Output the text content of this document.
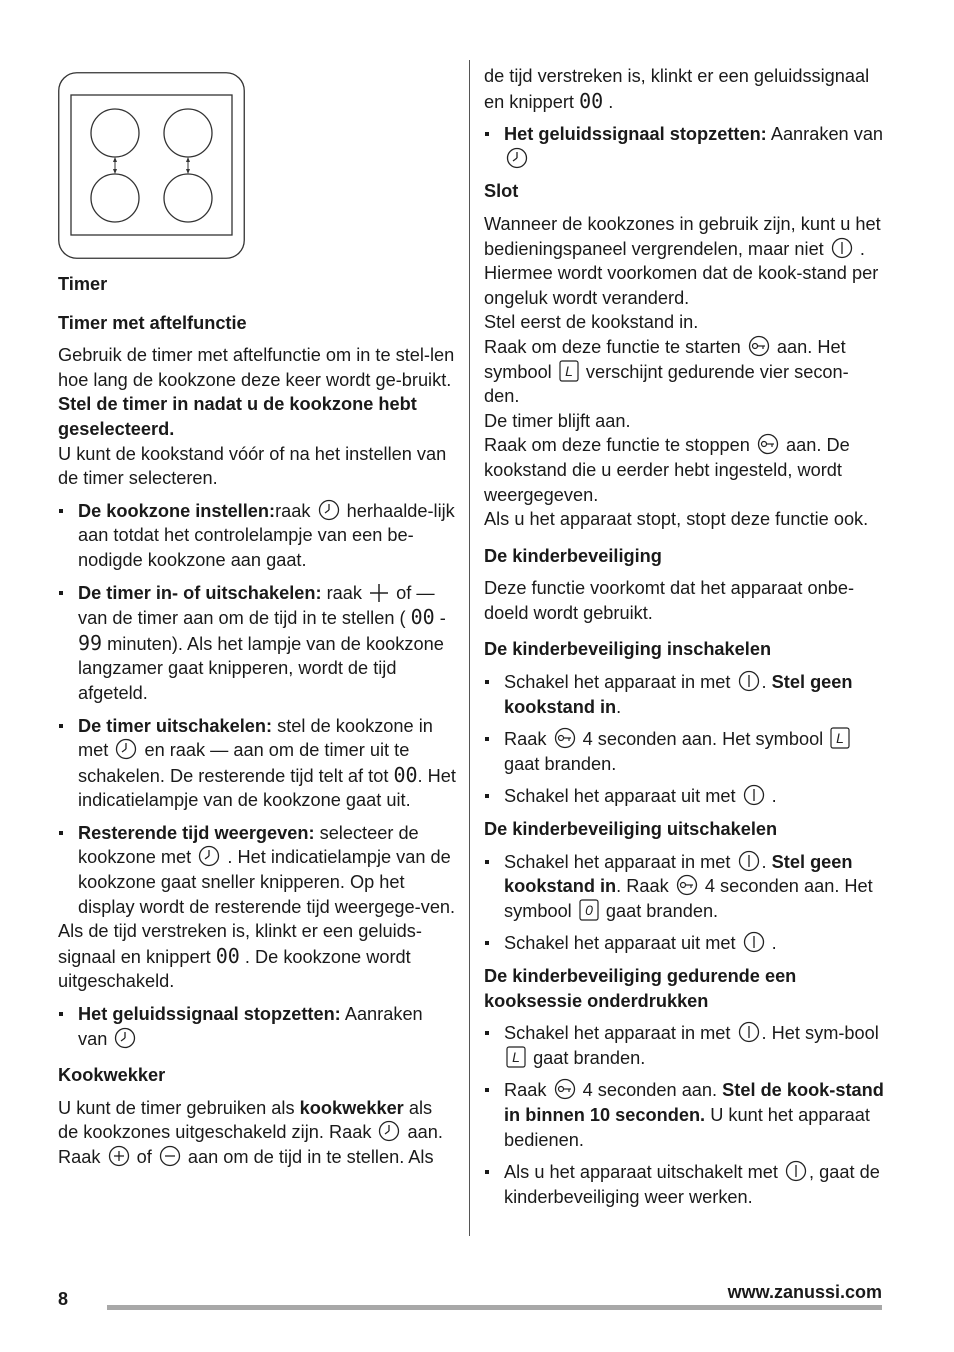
Timer

Timer met aftelfunctie

Gebruik de timer met aftelfunctie om in te stel-len hoe lang de kookzone deze keer wordt ge-bruikt.

Stel de timer in nadat u de kookzone hebt geselecteerd.

U kunt de kookstand vóór of na het instellen van de timer selecteren.

De kookzone instellen:raak herhaalde-lijk aan totdat het controlelampje van een be-nodigde kookzone aan gaat.
De timer in- of uitschakelen: raak of — van de timer aan om de tijd in te stellen ( 00 - 99 minuten). Als het lampje van de kookzone langzamer gaat knipperen, wordt de tijd afgeteld.
De timer uitschakelen: stel de kookzone in met en raak — aan om de timer uit te schakelen. De resterende tijd telt af tot 00. Het indicatielampje van de kookzone gaat uit.
Resterende tijd weergeven: selecteer de kookzone met . Het indicatielampje van de kookzone gaat sneller knipperen. Op het display wordt de resterende tijd weergege-ven.

Als de tijd verstreken is, klinkt er een geluids-signaal en knippert 00 . De kookzone wordt uitgeschakeld.

Het geluidssignaal stopzetten: Aanraken van

Kookwekker

U kunt de timer gebruiken als kookwekker als de kookzones uitgeschakeld zijn. Raak aan. Raak of aan om de tijd in te stellen. Als

de tijd verstreken is, klinkt er een geluidssignaal en knippert 00 .

Het geluidssignaal stopzetten: Aanraken van

Slot

Wanneer de kookzones in gebruik zijn, kunt u het bedieningspaneel vergrendelen, maar niet . Hiermee wordt voorkomen dat de kook-stand per ongeluk wordt veranderd.

Stel eerst de kookstand in.

Raak om deze functie te starten aan. Het symbool L verschijnt gedurende vier secon-den.

De timer blijft aan.

Raak om deze functie te stoppen aan. De kookstand die u eerder hebt ingesteld, wordt weergegeven.

Als u het apparaat stopt, stopt deze functie ook.

De kinderbeveiliging

Deze functie voorkomt dat het apparaat onbe-doeld wordt gebruikt.

De kinderbeveiliging inschakelen

Schakel het apparaat in met . Stel geen kookstand in.
Raak 4 seconden aan. Het symbool L
gaat branden.
Schakel het apparaat uit met .

De kinderbeveiliging uitschakelen

Schakel het apparaat in met . Stel geen kookstand in. Raak 4 seconden aan. Het symbool 0 gaat branden.
Schakel het apparaat uit met .

De kinderbeveiliging gedurende een kooksessie onderdrukken

Schakel het apparaat in met . Het sym-bool
L gaat branden.
Raak 4 seconden aan. Stel de kook-stand in binnen 10 seconden. U kunt het apparaat bedienen.
Als u het apparaat uitschakelt met , gaat de kinderbeveiliging weer werken.
8	www.zanussi.com
